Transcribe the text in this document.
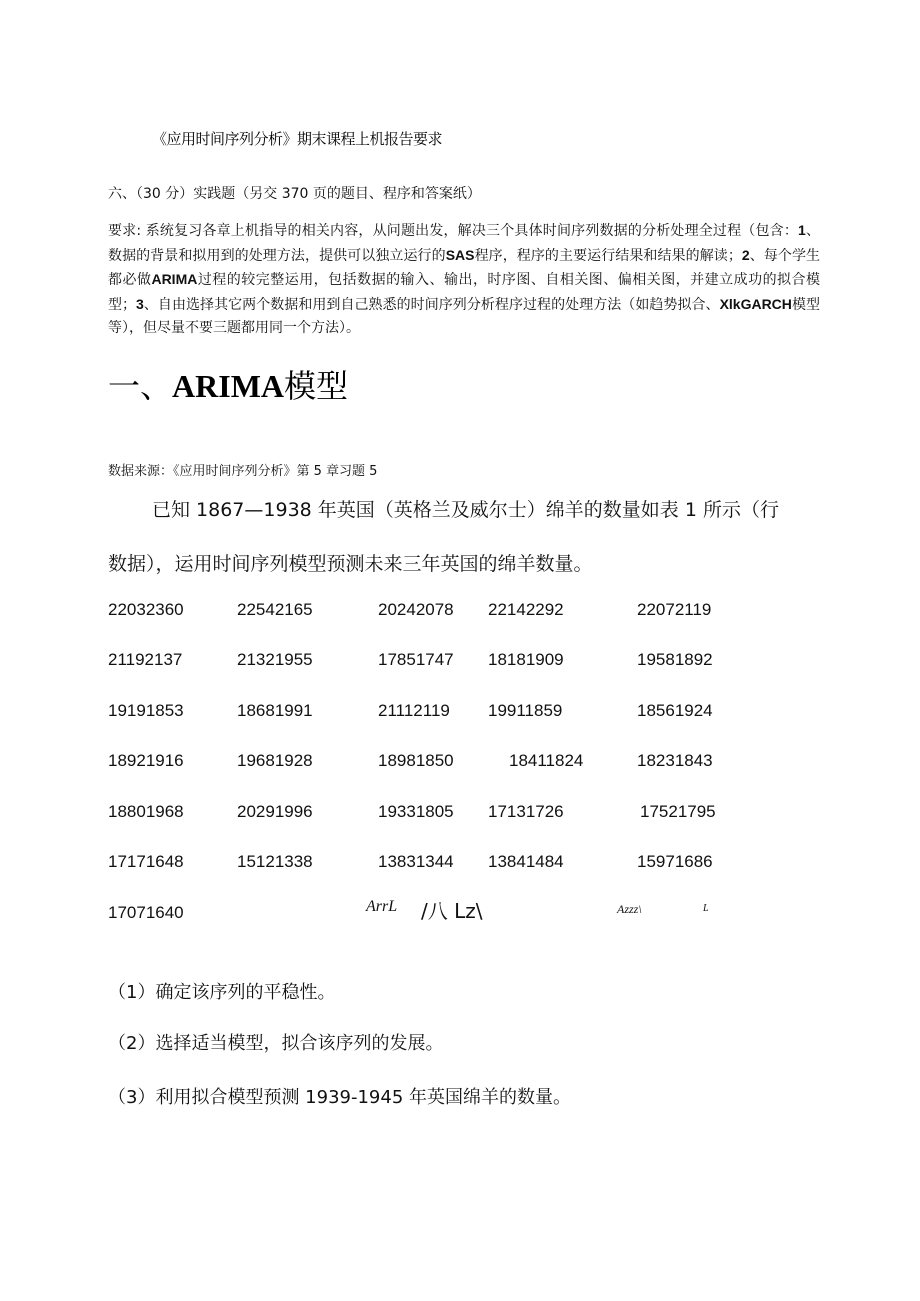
《应用时间序列分析》期末课程上机报告要求
六、（30 分）实践题（另交 370 页的题目、程序和答案纸）
要求: 系统复习各章上机指导的相关内容，从问题出发，解决三个具体时间序列数据的分析处理全过程（包含：1、数据的背景和拟用到的处理方法，提供可以独立运行的SAS程序，程序的主要运行结果和结果的解读；2、每个学生都必做ARIMA过程的较完整运用，包括数据的输入、输出，时序图、自相关图、偏相关图，并建立成功的拟合模型；3、自由选择其它两个数据和用到自己熟悉的时间序列分析程序过程的处理方法（如趋势拟合、XlkGARCH模型等），但尽量不要三题都用同一个方法）。
一、ARIMA模型
数据来源：《应用时间序列分析》第 5 章习题 5
已知 1867—1938 年英国（英格兰及威尔士）绵羊的数量如表 1 所示（行
数据），运用时间序列模型预测未来三年英国的绵羊数量。
22032360	22542165	20242078 22142292	22072119
21192137	21321955	17851747 18181909	19581892
19191853	18681991	21112119 19911859	18561924
18921916	19681928	18981850	18411824	18231843
18801968	20291996	19331805 17131726	17521795
17171648	15121338	13831344 13841484	15971686
17071640	ArrL /八 Lz\	Azzz\	L
（1）确定该序列的平稳性。
（2）选择适当模型，拟合该序列的发展。
（3）利用拟合模型预测 1939-1945 年英国绵羊的数量。
